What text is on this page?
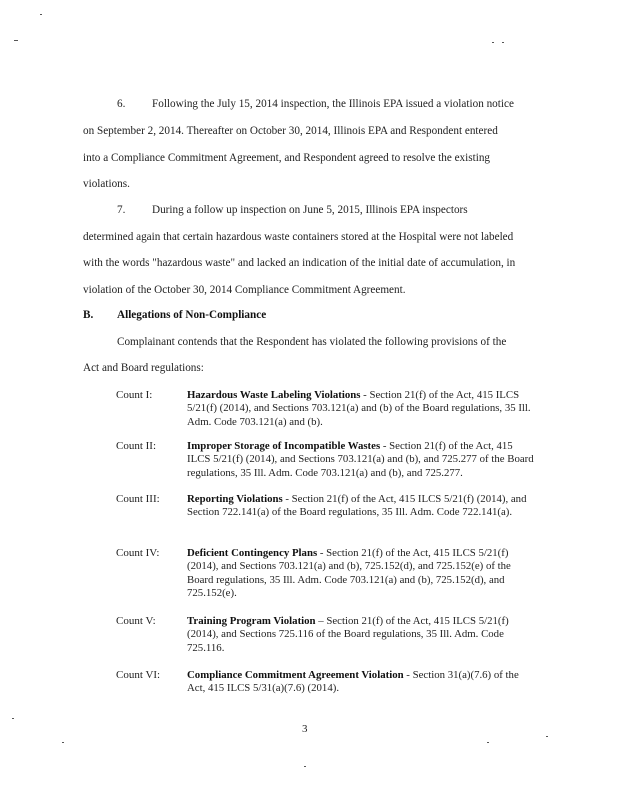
6. Following the July 15, 2014 inspection, the Illinois EPA issued a violation notice
on September 2, 2014. Thereafter on October 30, 2014, Illinois EPA and Respondent entered
into a Compliance Commitment Agreement, and Respondent agreed to resolve the existing
violations.
7. During a follow up inspection on June 5, 2015, Illinois EPA inspectors
determined again that certain hazardous waste containers stored at the Hospital were not labeled
with the words "hazardous waste" and lacked an indication of the initial date of accumulation, in
violation of the October 30, 2014 Compliance Commitment Agreement.
B. Allegations of Non-Compliance
Complainant contends that the Respondent has violated the following provisions of the
Act and Board regulations:
Count I:	Hazardous Waste Labeling Violations - Section 21(f) of the Act, 415 ILCS 5/21(f) (2014), and Sections 703.121(a) and (b) of the Board regulations, 35 Ill. Adm. Code 703.121(a) and (b).
Count II:	Improper Storage of Incompatible Wastes - Section 21(f) of the Act, 415 ILCS 5/21(f) (2014), and Sections 703.121(a) and (b), and 725.277 of the Board regulations, 35 Ill. Adm. Code 703.121(a) and (b), and 725.277.
Count III:	Reporting Violations - Section 21(f) of the Act, 415 ILCS 5/21(f) (2014), and Section 722.141(a) of the Board regulations, 35 Ill. Adm. Code 722.141(a).
Count IV:	Deficient Contingency Plans - Section 21(f) of the Act, 415 ILCS 5/21(f) (2014), and Sections 703.121(a) and (b), 725.152(d), and 725.152(e) of the Board regulations, 35 Ill. Adm. Code 703.121(a) and (b), 725.152(d), and 725.152(e).
Count V:	Training Program Violation – Section 21(f) of the Act, 415 ILCS 5/21(f) (2014), and Sections 725.116 of the Board regulations, 35 Ill. Adm. Code 725.116.
Count VI: Compliance Commitment Agreement Violation - Section 31(a)(7.6) of the Act, 415 ILCS 5/31(a)(7.6) (2014).
3
